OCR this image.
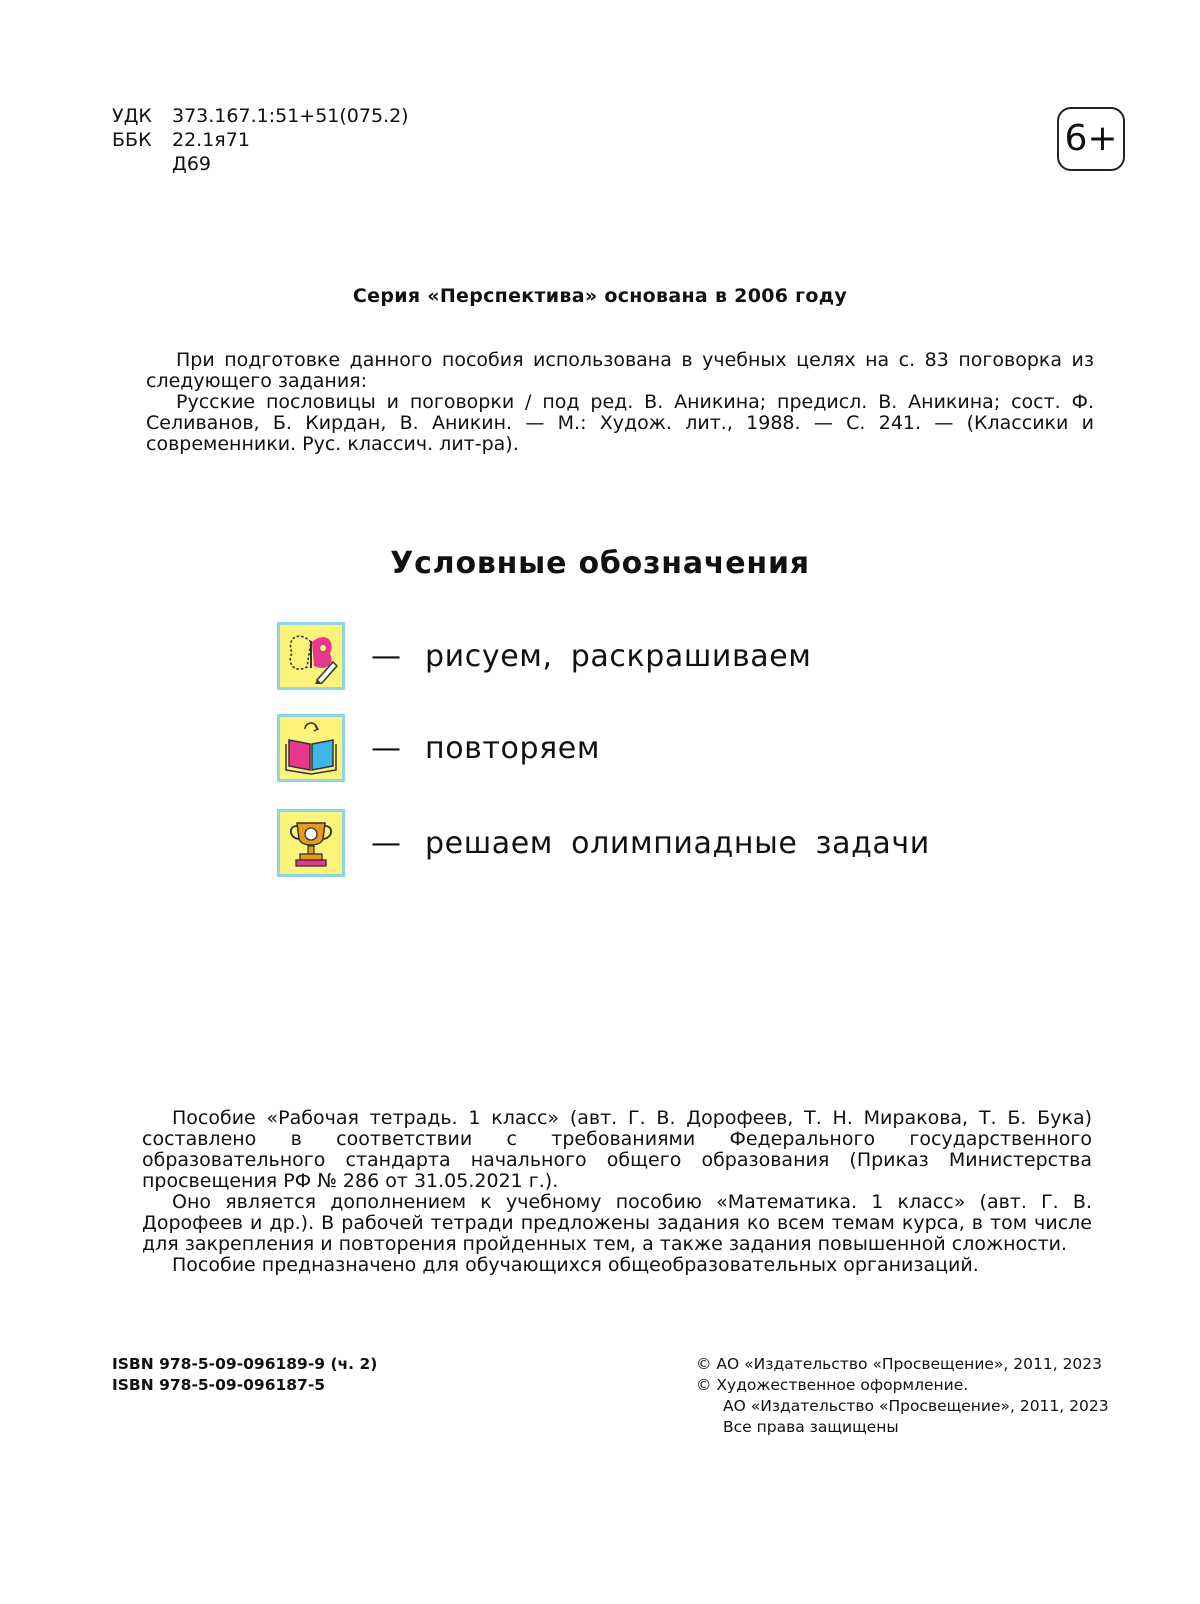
УДК	373.167.1:51+51(075.2)
ББК	22.1я71
Д69
6+
Серия «Перспектива» основана в 2006 году

При подготовке данного пособия использована в учебных целях на с. 83 поговорка из следующего задания:

Русские пословицы и поговорки / под ред. В. Аникина; предисл. В. Аникина; сост. Ф. Селиванов, Б. Кирдан, В. Аникин. — М.: Худож. лит., 1988. — С. 241. — (Классики и современники. Рус. классич. лит-ра).

Условные обозначения
— рисуем, раскрашиваем
— повторяем
— решаем олимпиадные задачи

Пособие «Рабочая тетрадь. 1 класс» (авт. Г. В. Дорофеев, Т. Н. Миракова, Т. Б. Бука) составлено в соответствии с требованиями Федерального государственного образовательного стандарта начального общего образования (Приказ Министерства просвещения РФ № 286 от 31.05.2021 г.).

Оно является дополнением к учебному пособию «Математика. 1 класс» (авт. Г. В. Дорофеев и др.). В рабочей тетради предложены задания ко всем темам курса, в том числе для закрепления и повторения пройденных тем, а также задания повышенной сложности.

Пособие предназначено для обучающихся общеобразовательных организаций.

ISBN 978-5-09-096189-9 (ч. 2)
ISBN 978-5-09-096187-5
© АО «Издательство «Просвещение», 2011, 2023
© Художественное оформление.
АО «Издательство «Просвещение», 2011, 2023
Все права защищены
